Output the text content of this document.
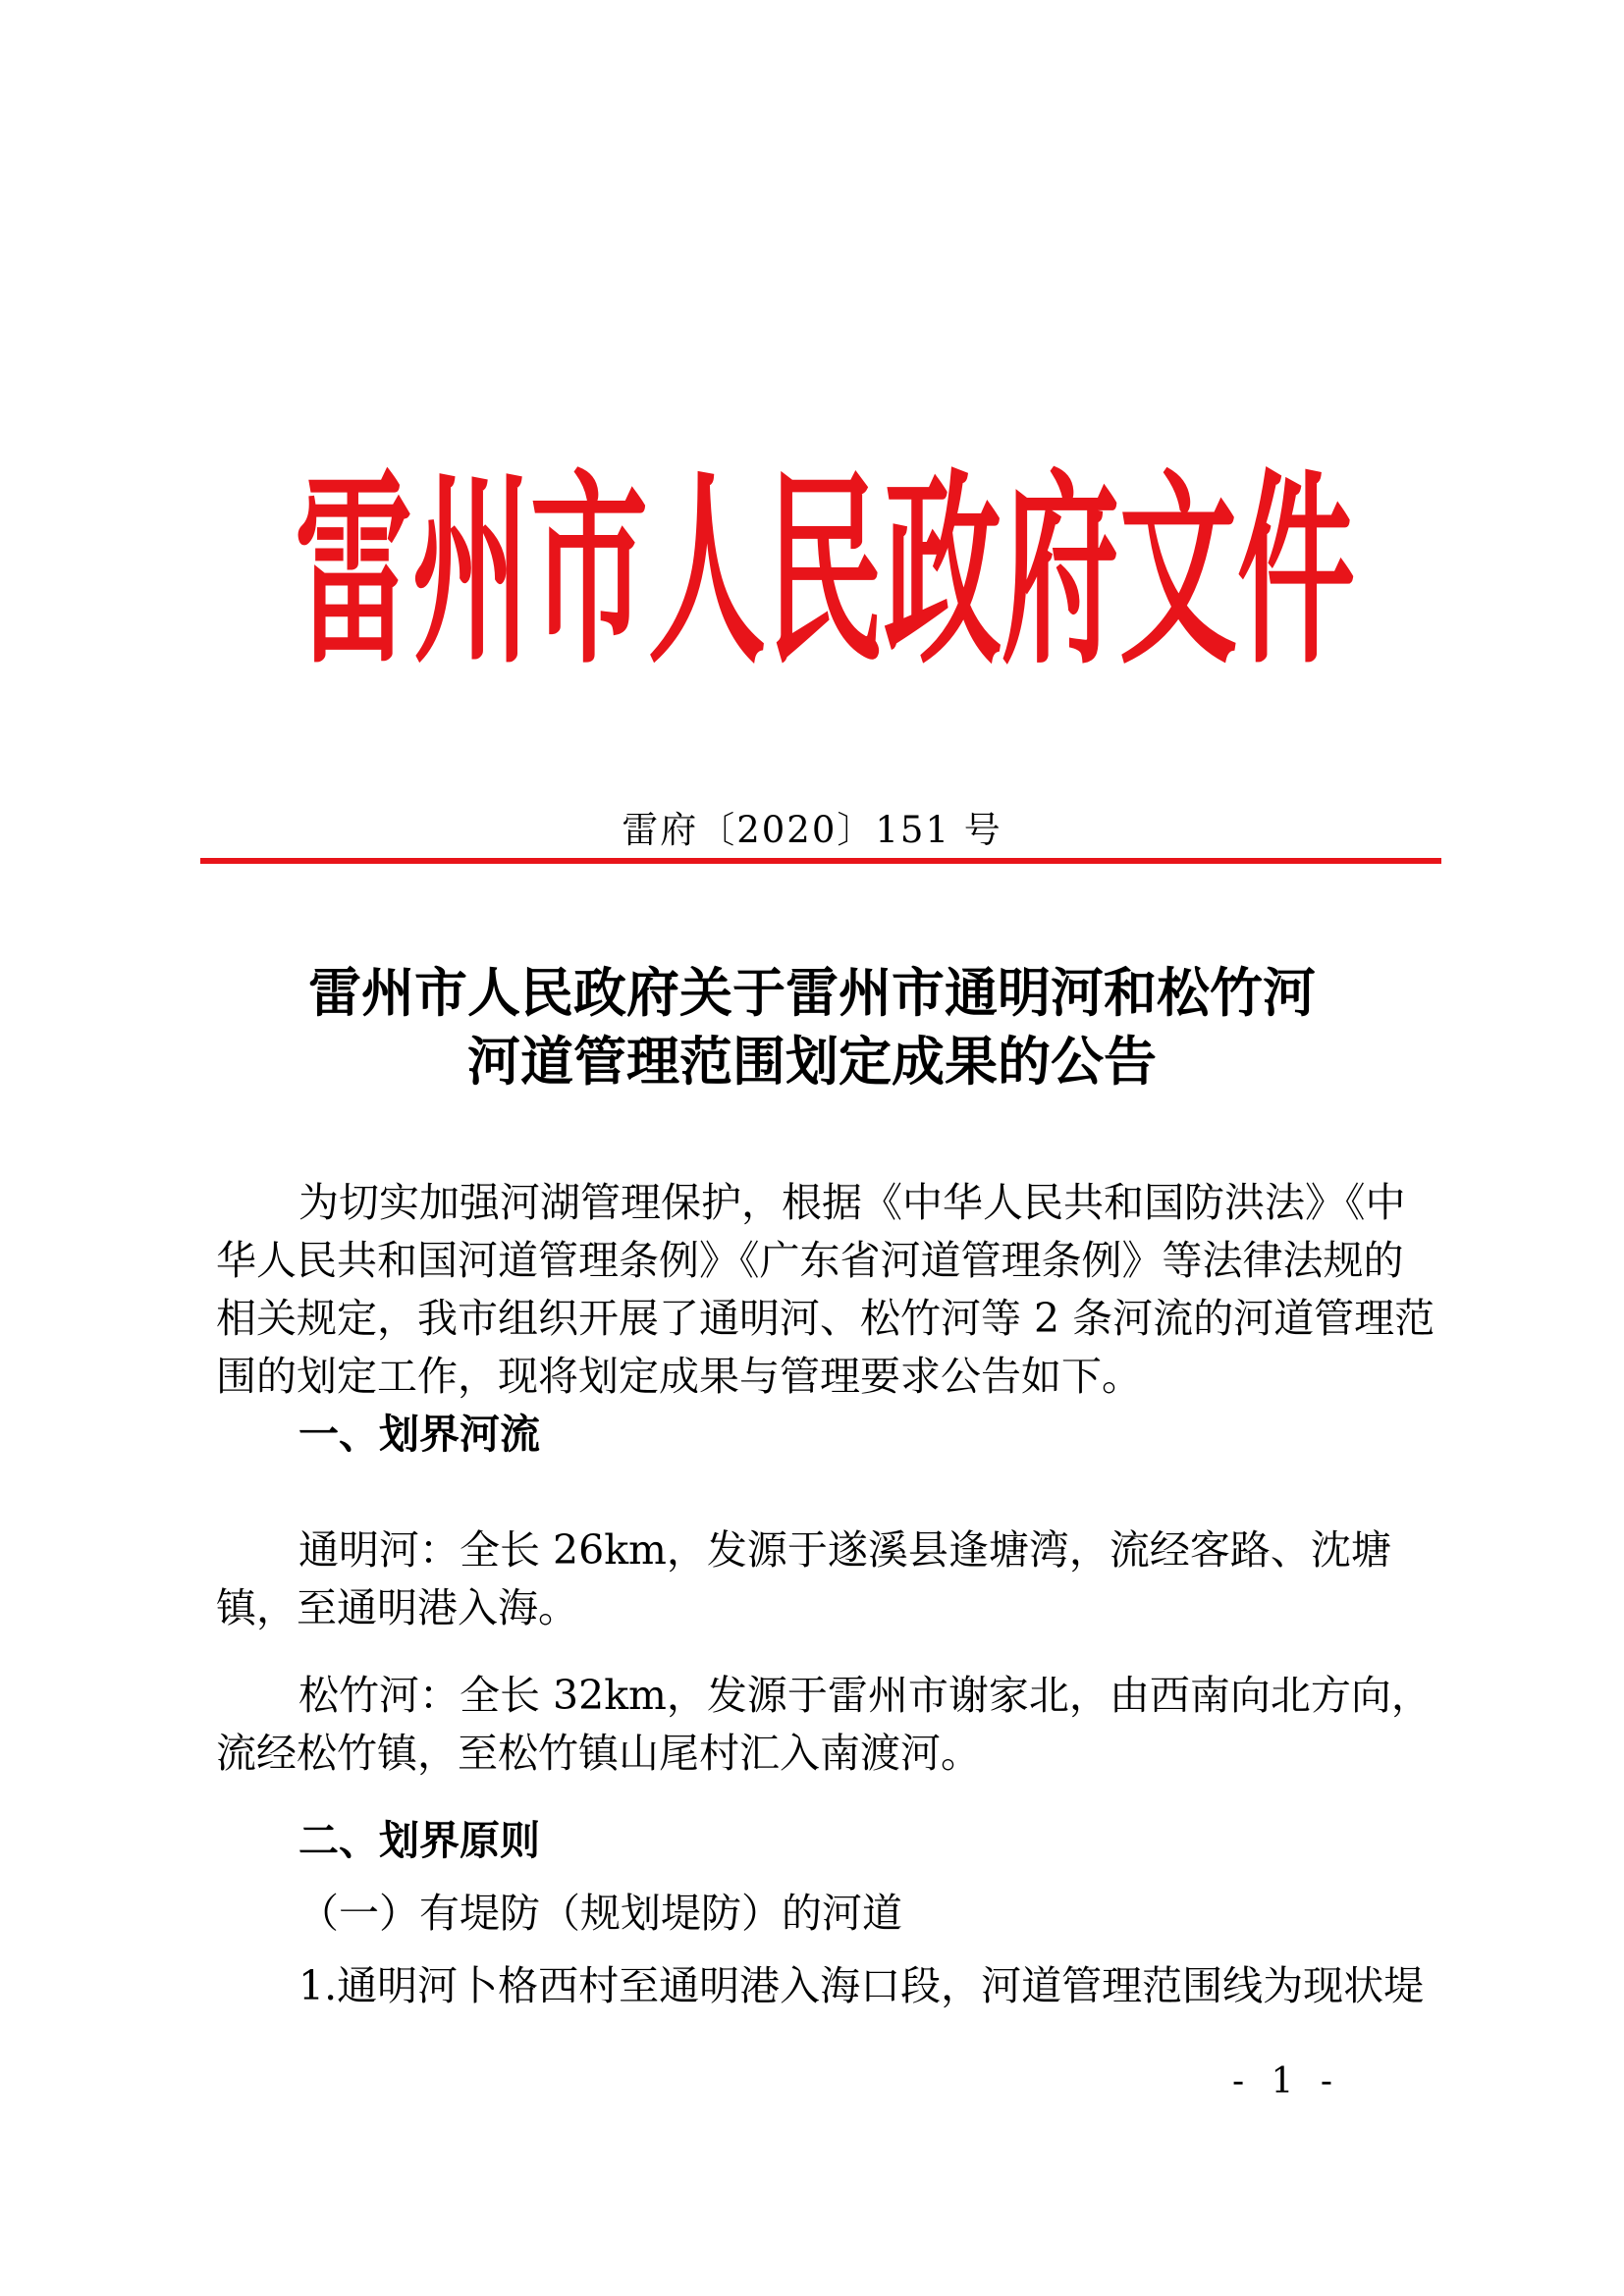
雷 州 市 人 民 政 府 文 件
雷府〔2020〕151 号
雷州市人民政府关于雷州市通明河和松竹河
河道管理范围划定成果的公告

为切实加强河湖管理保护，根据《中华人民共和国防洪法》《中华人民共和国河道管理条例》《广东省河道管理条例》等法律法规的相关规定，我市组织开展了通明河、松竹河等 2 条河流的河道管理范围的划定工作，现将划定成果与管理要求公告如下。

一、划界河流

通明河：全长 26km，发源于遂溪县逢塘湾，流经客路、沈塘镇，至通明港入海。

松竹河：全长 32km，发源于雷州市谢家北，由西南向北方向，流经松竹镇，至松竹镇山尾村汇入南渡河。

二、划界原则

（一）有堤防（规划堤防）的河道

1.通明河卜格西村至通明港入海口段，河道管理范围线为现状堤

- 1 -
